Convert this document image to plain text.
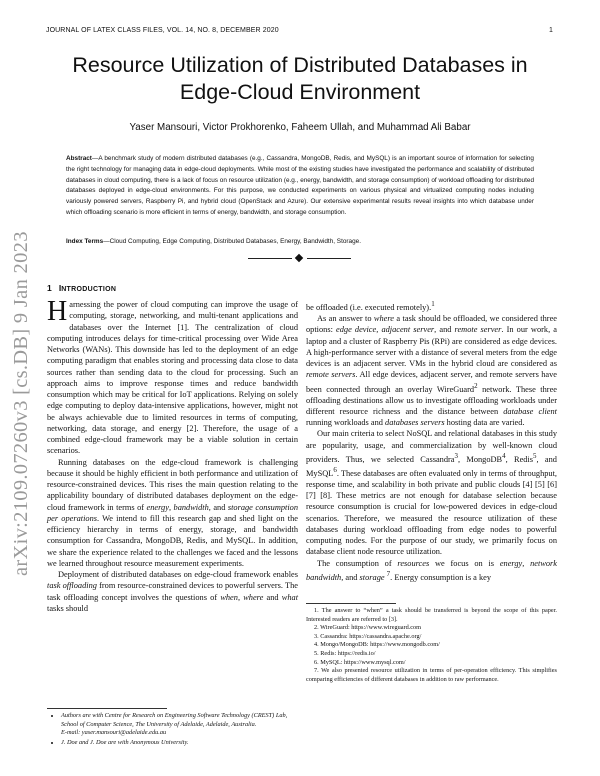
JOURNAL OF LATEX CLASS FILES, VOL. 14, NO. 8, DECEMBER 2020	1
arXiv:2109.07260v3 [cs.DB] 9 Jan 2023
Resource Utilization of Distributed Databases in
Edge-Cloud Environment
Yaser Mansouri, Victor Prokhorenko, Faheem Ullah, and Muhammad Ali Babar
Abstract—A benchmark study of modern distributed databases (e.g., Cassandra, MongoDB, Redis, and MySQL) is an important source of information for selecting the right technology for managing data in edge-cloud deployments. While most of the existing studies have investigated the performance and scalability of distributed databases in cloud computing, there is a lack of focus on resource utilization (e.g., energy, bandwidth, and storage consumption) of workload offloading for distributed databases deployed in edge-cloud environments. For this purpose, we conducted experiments on various physical and virtualized computing nodes including variously powered servers, Raspberry Pi, and hybrid cloud (OpenStack and Azure). Our extensive experimental results reveal insights into which database under which offloading scenario is more efficient in terms of energy, bandwidth, and storage consumption.
Index Terms—Cloud Computing, Edge Computing, Distributed Databases, Energy, Bandwidth, Storage.
1 INTRODUCTION

Harnessing the power of cloud computing can improve the usage of computing, storage, networking, and multi-tenant applications and databases over the Internet [1]. The centralization of cloud computing introduces delays for time-critical processing over Wide Area Networks (WANs). This downside has led to the deployment of an edge computing paradigm that enables storing and processing data close to data sources rather than sending data to the cloud for processing. Such an approach aims to improve response times and reduce bandwidth consumption which may be critical for IoT applications. Relying on solely edge computing to deploy data-intensive applications, however, might not be always achievable due to limited resources in terms of computing, networking, data storage, and energy [2]. Therefore, the usage of a combined edge-cloud framework may be a viable solution in certain scenarios.

Running databases on the edge-cloud framework is challenging because it should be highly efficient in both performance and utilization of resource-constrained devices. This rises the main question relating to the applicability boundary of distributed databases deployment on the edge-cloud framework in terms of energy, bandwidth, and storage consumption per operations. We intend to fill this research gap and shed light on the efficiency hierarchy in terms of energy, storage, and bandwidth consumption for Cassandra, MongoDB, Redis, and MySQL. In addition, we share the experience related to the challenges we faced and the lessons we learned throughout resource measurement experiments.

Deployment of distributed databases on edge-cloud framework enables task offloading from resource-constrained devices to powerful servers. The task offloading concept involves the questions of when, where and what tasks should

be offloaded (i.e. executed remotely).$^1$

As an answer to where a task should be offloaded, we considered three options: edge device, adjacent server, and remote server. In our work, a laptop and a cluster of Raspberry Pis (RPi) are considered as edge devices. A high-performance server with a distance of several meters from the edge devices is an adjacent server. VMs in the hybrid cloud are considered as remote servers. All edge devices, adjacent server, and remote servers have been connected through an overlay WireGuard$^2$ network. These three offloading destinations allow us to investigate offloading workloads under different resource richness and the distance between database client running workloads and databases servers hosting data are varied.

Our main criteria to select NoSQL and relational databases in this study are popularity, usage, and commercialization by well-known cloud providers. Thus, we selected Cassandra$^3$, MongoDB$^4$, Redis$^5$, and MySQL$^6$. These databases are often evaluated only in terms of throughput, response time, and scalability in both private and public clouds [4] [5] [6] [7] [8]. These metrics are not enough for database selection because resource consumption is crucial for low-powered devices in edge-cloud scenarios. Therefore, we measured the resource utilization of these databases during workload offloading from edge nodes to powerful computing nodes. For the purpose of our study, we primarily focus on database client node resource utilization.

The consumption of resources we focus on is energy, network bandwidth, and storage $^7$. Energy consumption is a key

1. The answer to “when” a task should be transferred is beyond the scope of this paper. Interested readers are referred to [3].
2. WireGuard: https://www.wireguard.com
3. Cassandra: https://cassandra.apache.org/
4. Mongo/MongoDB: https://www.mongodb.com/
5. Redis: https://redis.io/
6. MySQL: https://www.mysql.com/
7. We also presented resource utilization in terms of per-operation efficiency. This simplifies comparing efficiencies of different databases in addition to raw performance.
• Authors are with Centre for Research on Engineering Software Technology (CREST) Lab, School of Computer Science, The University of Adelaide, Adelaide, Australia.
E-mail: yaser.mansouri@adelaide.edu.au
• J. Doe and J. Doe are with Anonymous University.
